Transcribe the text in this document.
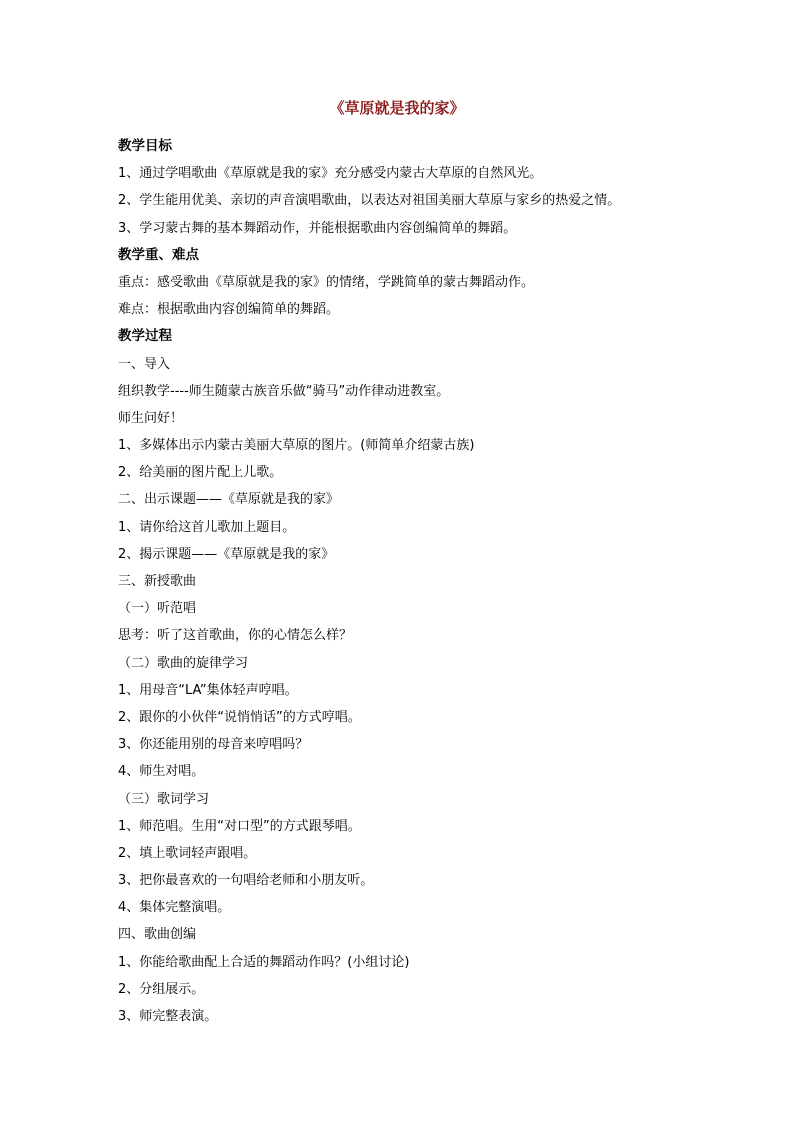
《草原就是我的家》
教学目标
1、通过学唱歌曲《草原就是我的家》充分感受内蒙古大草原的自然风光。
2、学生能用优美、亲切的声音演唱歌曲，以表达对祖国美丽大草原与家乡的热爱之情。
3、学习蒙古舞的基本舞蹈动作，并能根据歌曲内容创编简单的舞蹈。
教学重、难点
重点：感受歌曲《草原就是我的家》的情绪，学跳简单的蒙古舞蹈动作。
难点：根据歌曲内容创编简单的舞蹈。
教学过程
一、导入
组织教学----师生随蒙古族音乐做“骑马”动作律动进教室。
师生问好！
1、多媒体出示内蒙古美丽大草原的图片。(师简单介绍蒙古族)
2、给美丽的图片配上儿歌。
二、出示课题——《草原就是我的家》
1、请你给这首儿歌加上题目。
2、揭示课题——《草原就是我的家》
三、新授歌曲
（一）听范唱
思考：听了这首歌曲，你的心情怎么样？
（二）歌曲的旋律学习
1、用母音“LA”集体轻声哼唱。
2、跟你的小伙伴“说悄悄话”的方式哼唱。
3、你还能用别的母音来哼唱吗？
4、师生对唱。
（三）歌词学习
1、师范唱。生用“对口型”的方式跟琴唱。
2、填上歌词轻声跟唱。
3、把你最喜欢的一句唱给老师和小朋友听。
4、集体完整演唱。
四、歌曲创编
1、你能给歌曲配上合适的舞蹈动作吗？(小组讨论)
2、分组展示。
3、师完整表演。
